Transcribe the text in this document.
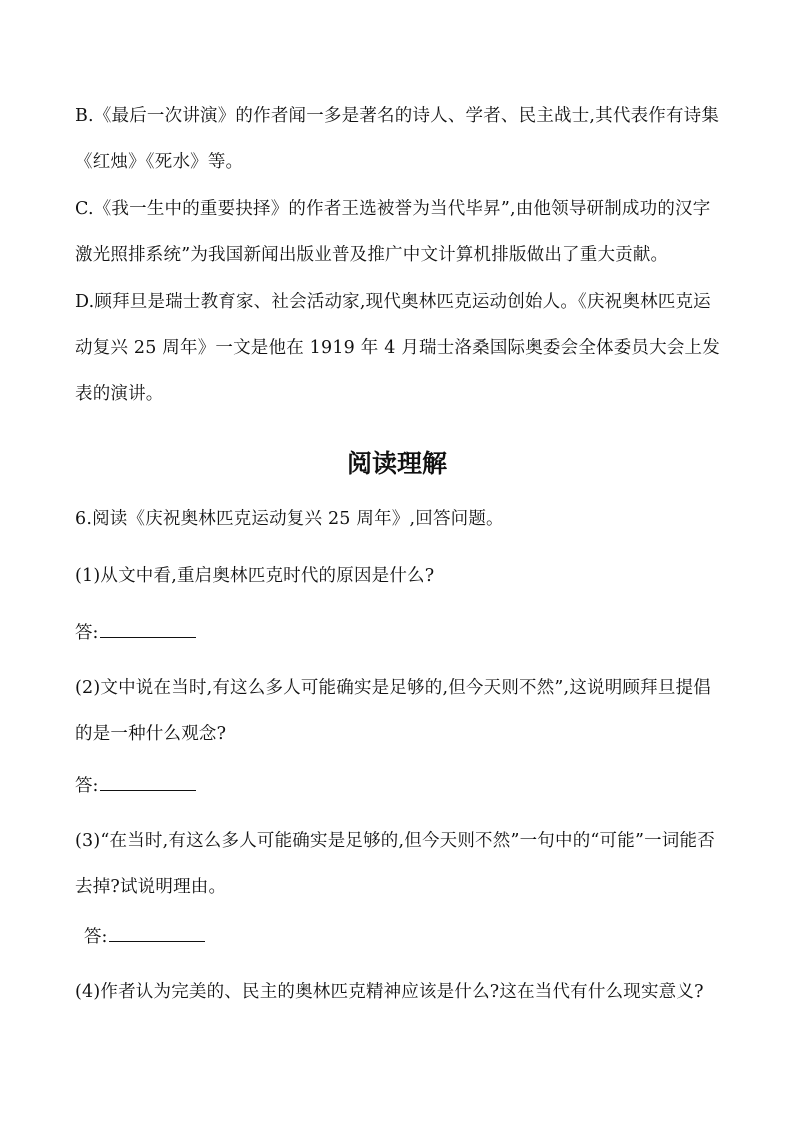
B.《最后一次讲演》的作者闻一多是著名的诗人、学者、民主战士,其代表作有诗集《红烛》《死水》等。

C.《我一生中的重要抉择》的作者王选被誉为当代毕昇”,由他领导研制成功的汉字激光照排系统”为我国新闻出版业普及推广中文计算机排版做出了重大贡献。

D.顾拜旦是瑞士教育家、社会活动家,现代奥林匹克运动创始人。《庆祝奥林匹克运动复兴 25 周年》一文是他在 1919 年 4 月瑞士洛桑国际奥委会全体委员大会上发表的演讲。

阅读理解

6.阅读《庆祝奥林匹克运动复兴 25 周年》,回答问题。

(1)从文中看,重启奥林匹克时代的原因是什么?

答:

(2)文中说在当时,有这么多人可能确实是足够的,但今天则不然”,这说明顾拜旦提倡的是一种什么观念?

答:

(3)“在当时,有这么多人可能确实是足够的,但今天则不然”一句中的“可能”一词能否去掉?试说明理由。

答:

(4)作者认为完美的、民主的奥林匹克精神应该是什么?这在当代有什么现实意义?
